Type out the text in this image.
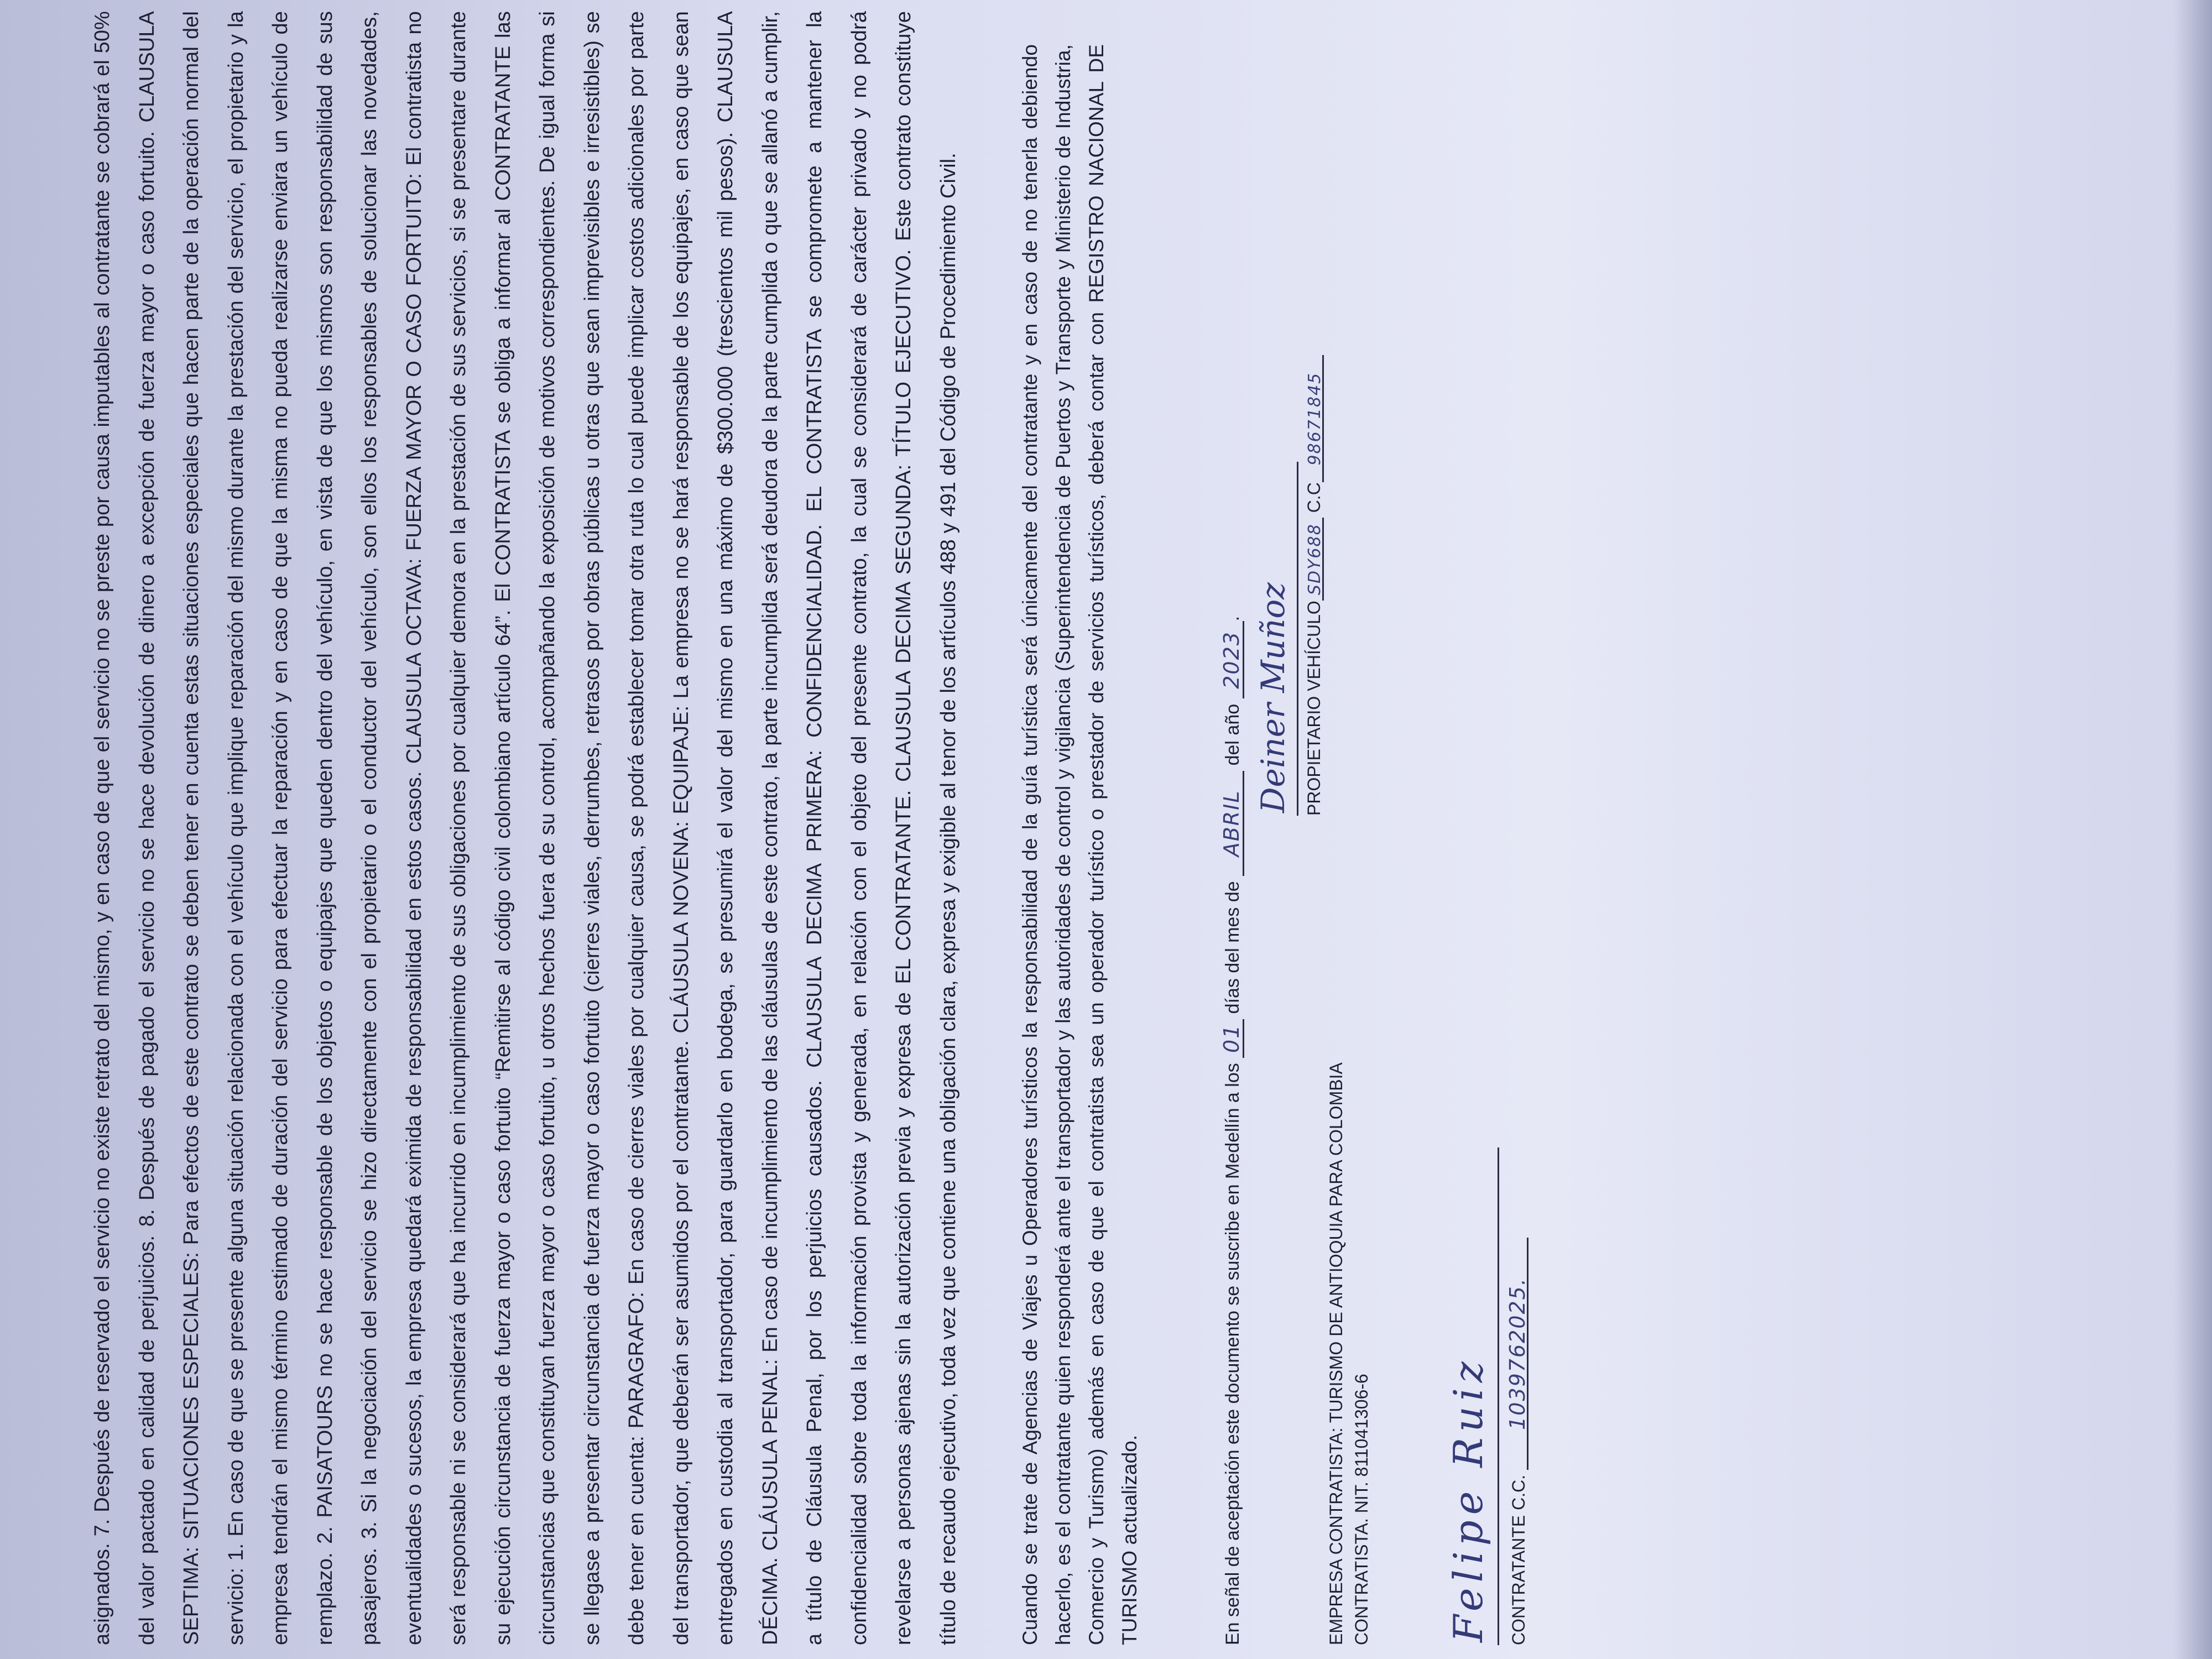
asignados. 7. Después de reservado el servicio no existe retrato del mismo, y en caso de que el servicio no se preste por causa imputables al contratante se cobrará el 50% del valor pactado en calidad de perjuicios. 8. Después de pagado el servicio no se hace devolución de dinero a excepción de fuerza mayor o caso fortuito. CLAUSULA SEPTIMA: SITUACIONES ESPECIALES: Para efectos de este contrato se deben tener en cuenta estas situaciones especiales que hacen parte de la operación normal del servicio: 1. En caso de que se presente alguna situación relacionada con el vehículo que implique reparación del mismo durante la prestación del servicio, el propietario y la empresa tendrán el mismo término estimado de duración del servicio para efectuar la reparación y en caso de que la misma no pueda realizarse enviara un vehículo de remplazo. 2. PAISATOURS no se hace responsable de los objetos o equipajes que queden dentro del vehículo, en vista de que los mismos son responsabilidad de sus pasajeros. 3. Si la negociación del servicio se hizo directamente con el propietario o el conductor del vehículo, son ellos los responsables de solucionar las novedades, eventualidades o sucesos, la empresa quedará eximida de responsabilidad en estos casos. CLAUSULA OCTAVA: FUERZA MAYOR O CASO FORTUITO: El contratista no será responsable ni se considerará que ha incurrido en incumplimiento de sus obligaciones por cualquier demora en la prestación de sus servicios, si se presentare durante su ejecución circunstancia de fuerza mayor o caso fortuito “Remitirse al código civil colombiano artículo 64”. El CONTRATISTA se obliga a informar al CONTRATANTE las circunstancias que constituyan fuerza mayor o caso fortuito, u otros hechos fuera de su control, acompañando la exposición de motivos correspondientes. De igual forma si se llegase a presentar circunstancia de fuerza mayor o caso fortuito (cierres viales, derrumbes, retrasos por obras públicas u otras que sean imprevisibles e irresistibles) se debe tener en cuenta: PARAGRAFO: En caso de cierres viales por cualquier causa, se podrá establecer tomar otra ruta lo cual puede implicar costos adicionales por parte del transportador, que deberán ser asumidos por el contratante. CLÁUSULA NOVENA: EQUIPAJE: La empresa no se hará responsable de los equipajes, en caso que sean entregados en custodia al transportador, para guardarlo en bodega, se presumirá el valor del mismo en una máximo de $300.000 (trescientos mil pesos). CLAUSULA DÉCIMA. CLÁUSULA PENAL: En caso de incumplimiento de las cláusulas de este contrato, la parte incumplida será deudora de la parte cumplida o que se allanó a cumplir, a título de Cláusula Penal, por los perjuicios causados. CLAUSULA DECIMA PRIMERA: CONFIDENCIALIDAD. EL CONTRATISTA se compromete a mantener la confidencialidad sobre toda la información provista y generada, en relación con el objeto del presente contrato, la cual se considerará de carácter privado y no podrá revelarse a personas ajenas sin la autorización previa y expresa de EL CONTRATANTE. CLAUSULA DECIMA SEGUNDA: TÍTULO EJECUTIVO. Este contrato constituye título de recaudo ejecutivo, toda vez que contiene una obligación clara, expresa y exigible al tenor de los artículos 488 y 491 del Código de Procedimiento Civil.	Cuando se trate de Agencias de Viajes u Operadores turísticos la responsabilidad de la guía turística será únicamente del contratante y en caso de no tenerla debiendo hacerlo, es el contratante quien responderá ante el transportador y las autoridades de control y vigilancia (Superintendencia de Puertos y Transporte y Ministerio de Industria, Comercio y Turismo) además en caso de que el contratista sea un operador turístico o prestador de servicios turísticos, deberá contar con REGISTRO NACIONAL DE TURISMO actualizado.	En señal de aceptación este documento se suscribe en Medellín a los 01 días del mes de ABRIL del año 2023.
EMPRESA CONTRATISTA: TURISMO DE ANTIOQUIA PARA COLOMBIA CONTRATISTA. NIT. 811041306-6
Deiner Muñoz PROPIETARIO VEHÍCULOSDY688 C.C98671845
Felipe Ruiz CONTRATANTE C.C. 1039762025.
